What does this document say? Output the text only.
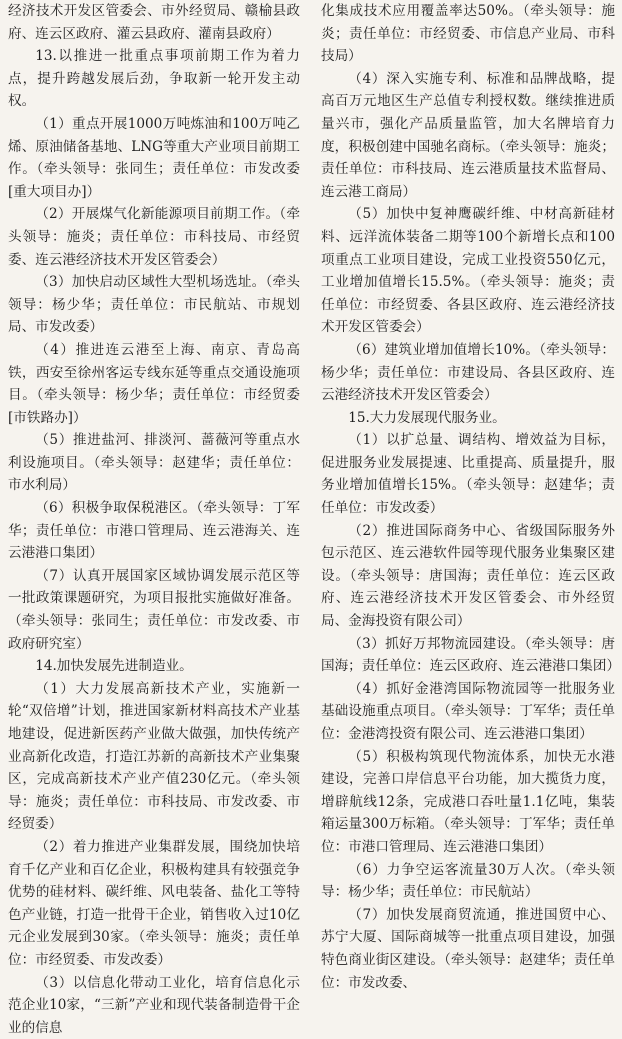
经济技术开发区管委会、市外经贸局、赣榆县政府、连云区政府、灌云县政府、灌南县政府）

13.以推进一批重点事项前期工作为着力点，提升跨越发展后劲，争取新一轮开发主动权。

（1）重点开展1000万吨炼油和100万吨乙烯、原油储备基地、LNG等重大产业项目前期工作。（牵头领导：张同生；责任单位：市发改委[重大项目办]）

（2）开展煤气化新能源项目前期工作。（牵头领导：施炎；责任单位：市科技局、市经贸委、连云港经济技术开发区管委会）

（3）加快启动区域性大型机场选址。（牵头领导：杨少华；责任单位：市民航站、市规划局、市发改委）

（4）推进连云港至上海、南京、青岛高铁，西安至徐州客运专线东延等重点交通设施项目。（牵头领导：杨少华；责任单位：市经贸委[市铁路办]）

（5）推进盐河、排淡河、蔷薇河等重点水利设施项目。（牵头领导：赵建华；责任单位：市水利局）

（6）积极争取保税港区。（牵头领导：丁军华；责任单位：市港口管理局、连云港海关、连云港港口集团）

（7）认真开展国家区域协调发展示范区等一批政策课题研究，为项目报批实施做好准备。（牵头领导：张同生；责任单位：市发改委、市政府研究室）

14.加快发展先进制造业。

（1）大力发展高新技术产业，实施新一轮“双倍增”计划，推进国家新材料高技术产业基地建设，促进新医药产业做大做强，加快传统产业高新化改造，打造江苏新的高新技术产业集聚区，完成高新技术产业产值230亿元。（牵头领导：施炎；责任单位：市科技局、市发改委、市经贸委）

（2）着力推进产业集群发展，围绕加快培育千亿产业和百亿企业，积极构建具有较强竞争优势的硅材料、碳纤维、风电装备、盐化工等特色产业链，打造一批骨干企业，销售收入过10亿元企业发展到30家。（牵头领导：施炎；责任单位：市经贸委、市发改委）

（3）以信息化带动工业化，培育信息化示范企业10家，“三新”产业和现代装备制造骨干企业的信息

化集成技术应用覆盖率达50%。（牵头领导：施炎；责任单位：市经贸委、市信息产业局、市科技局）

（4）深入实施专利、标准和品牌战略，提高百万元地区生产总值专利授权数。继续推进质量兴市，强化产品质量监管，加大名牌培育力度，积极创建中国驰名商标。（牵头领导：施炎；责任单位：市科技局、连云港质量技术监督局、连云港工商局）

（5）加快中复神鹰碳纤维、中材高新硅材料、远洋流体装备二期等100个新增长点和100项重点工业项目建设，完成工业投资550亿元，工业增加值增长15.5%。（牵头领导：施炎；责任单位：市经贸委、各县区政府、连云港经济技术开发区管委会）

（6）建筑业增加值增长10%。（牵头领导：杨少华；责任单位：市建设局、各县区政府、连云港经济技术开发区管委会）

15.大力发展现代服务业。

（1）以扩总量、调结构、增效益为目标，促进服务业发展提速、比重提高、质量提升，服务业增加值增长15%。（牵头领导：赵建华；责任单位：市发改委）

（2）推进国际商务中心、省级国际服务外包示范区、连云港软件园等现代服务业集聚区建设。（牵头领导：唐国海；责任单位：连云区政府、连云港经济技术开发区管委会、市外经贸局、金海投资有限公司）

（3）抓好万邦物流园建设。（牵头领导：唐国海；责任单位：连云区政府、连云港港口集团）

（4）抓好金港湾国际物流园等一批服务业基础设施重点项目。（牵头领导：丁军华；责任单位：金港湾投资有限公司、连云港港口集团）

（5）积极构筑现代物流体系，加快无水港建设，完善口岸信息平台功能，加大揽货力度，增辟航线12条，完成港口吞吐量1.1亿吨，集装箱运量300万标箱。（牵头领导：丁军华；责任单位：市港口管理局、连云港港口集团）

（6）力争空运客流量30万人次。（牵头领导：杨少华；责任单位：市民航站）

（7）加快发展商贸流通，推进国贸中心、苏宁大厦、国际商城等一批重点项目建设，加强特色商业街区建设。（牵头领导：赵建华；责任单位：市发改委、
